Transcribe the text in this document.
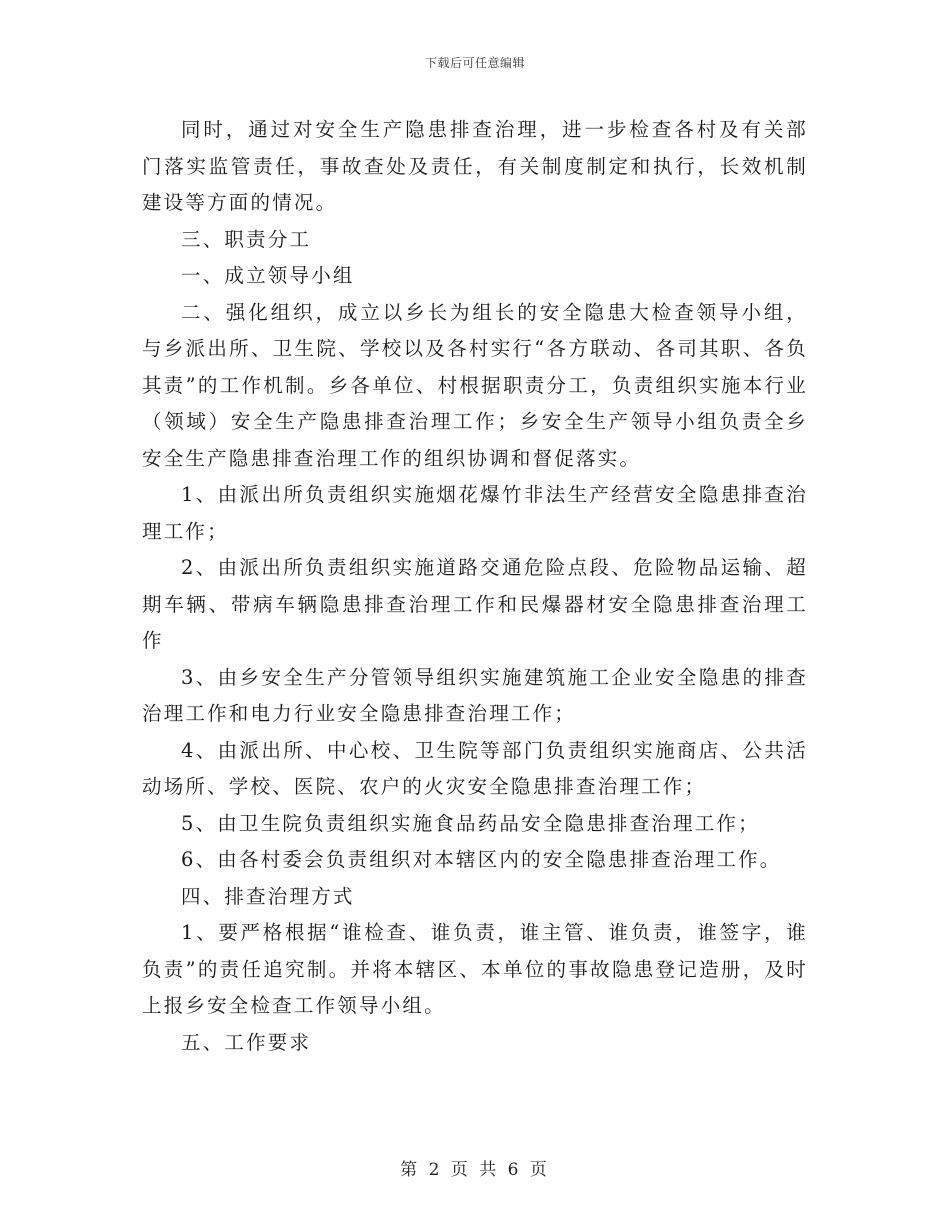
下载后可任意编辑

同时，通过对安全生产隐患排查治理，进一步检查各村及有关部门落实监管责任，事故查处及责任，有关制度制定和执行，长效机制建设等方面的情况。

三、职责分工

一、成立领导小组

二、强化组织，成立以乡长为组长的安全隐患大检查领导小组，与乡派出所、卫生院、学校以及各村实行“各方联动、各司其职、各负其责”的工作机制。乡各单位、村根据职责分工，负责组织实施本行业（领域）安全生产隐患排查治理工作；乡安全生产领导小组负责全乡安全生产隐患排查治理工作的组织协调和督促落实。

1、由派出所负责组织实施烟花爆竹非法生产经营安全隐患排查治理工作；

2、由派出所负责组织实施道路交通危险点段、危险物品运输、超期车辆、带病车辆隐患排查治理工作和民爆器材安全隐患排查治理工作

3、由乡安全生产分管领导组织实施建筑施工企业安全隐患的排查治理工作和电力行业安全隐患排查治理工作；

4、由派出所、中心校、卫生院等部门负责组织实施商店、公共活动场所、学校、医院、农户的火灾安全隐患排查治理工作；

5、由卫生院负责组织实施食品药品安全隐患排查治理工作；

6、由各村委会负责组织对本辖区内的安全隐患排查治理工作。

四、排查治理方式

1、要严格根据“谁检查、谁负责，谁主管、谁负责，谁签字，谁负责”的责任追究制。并将本辖区、本单位的事故隐患登记造册，及时上报乡安全检查工作领导小组。

五、工作要求

第 2 页 共 6 页
